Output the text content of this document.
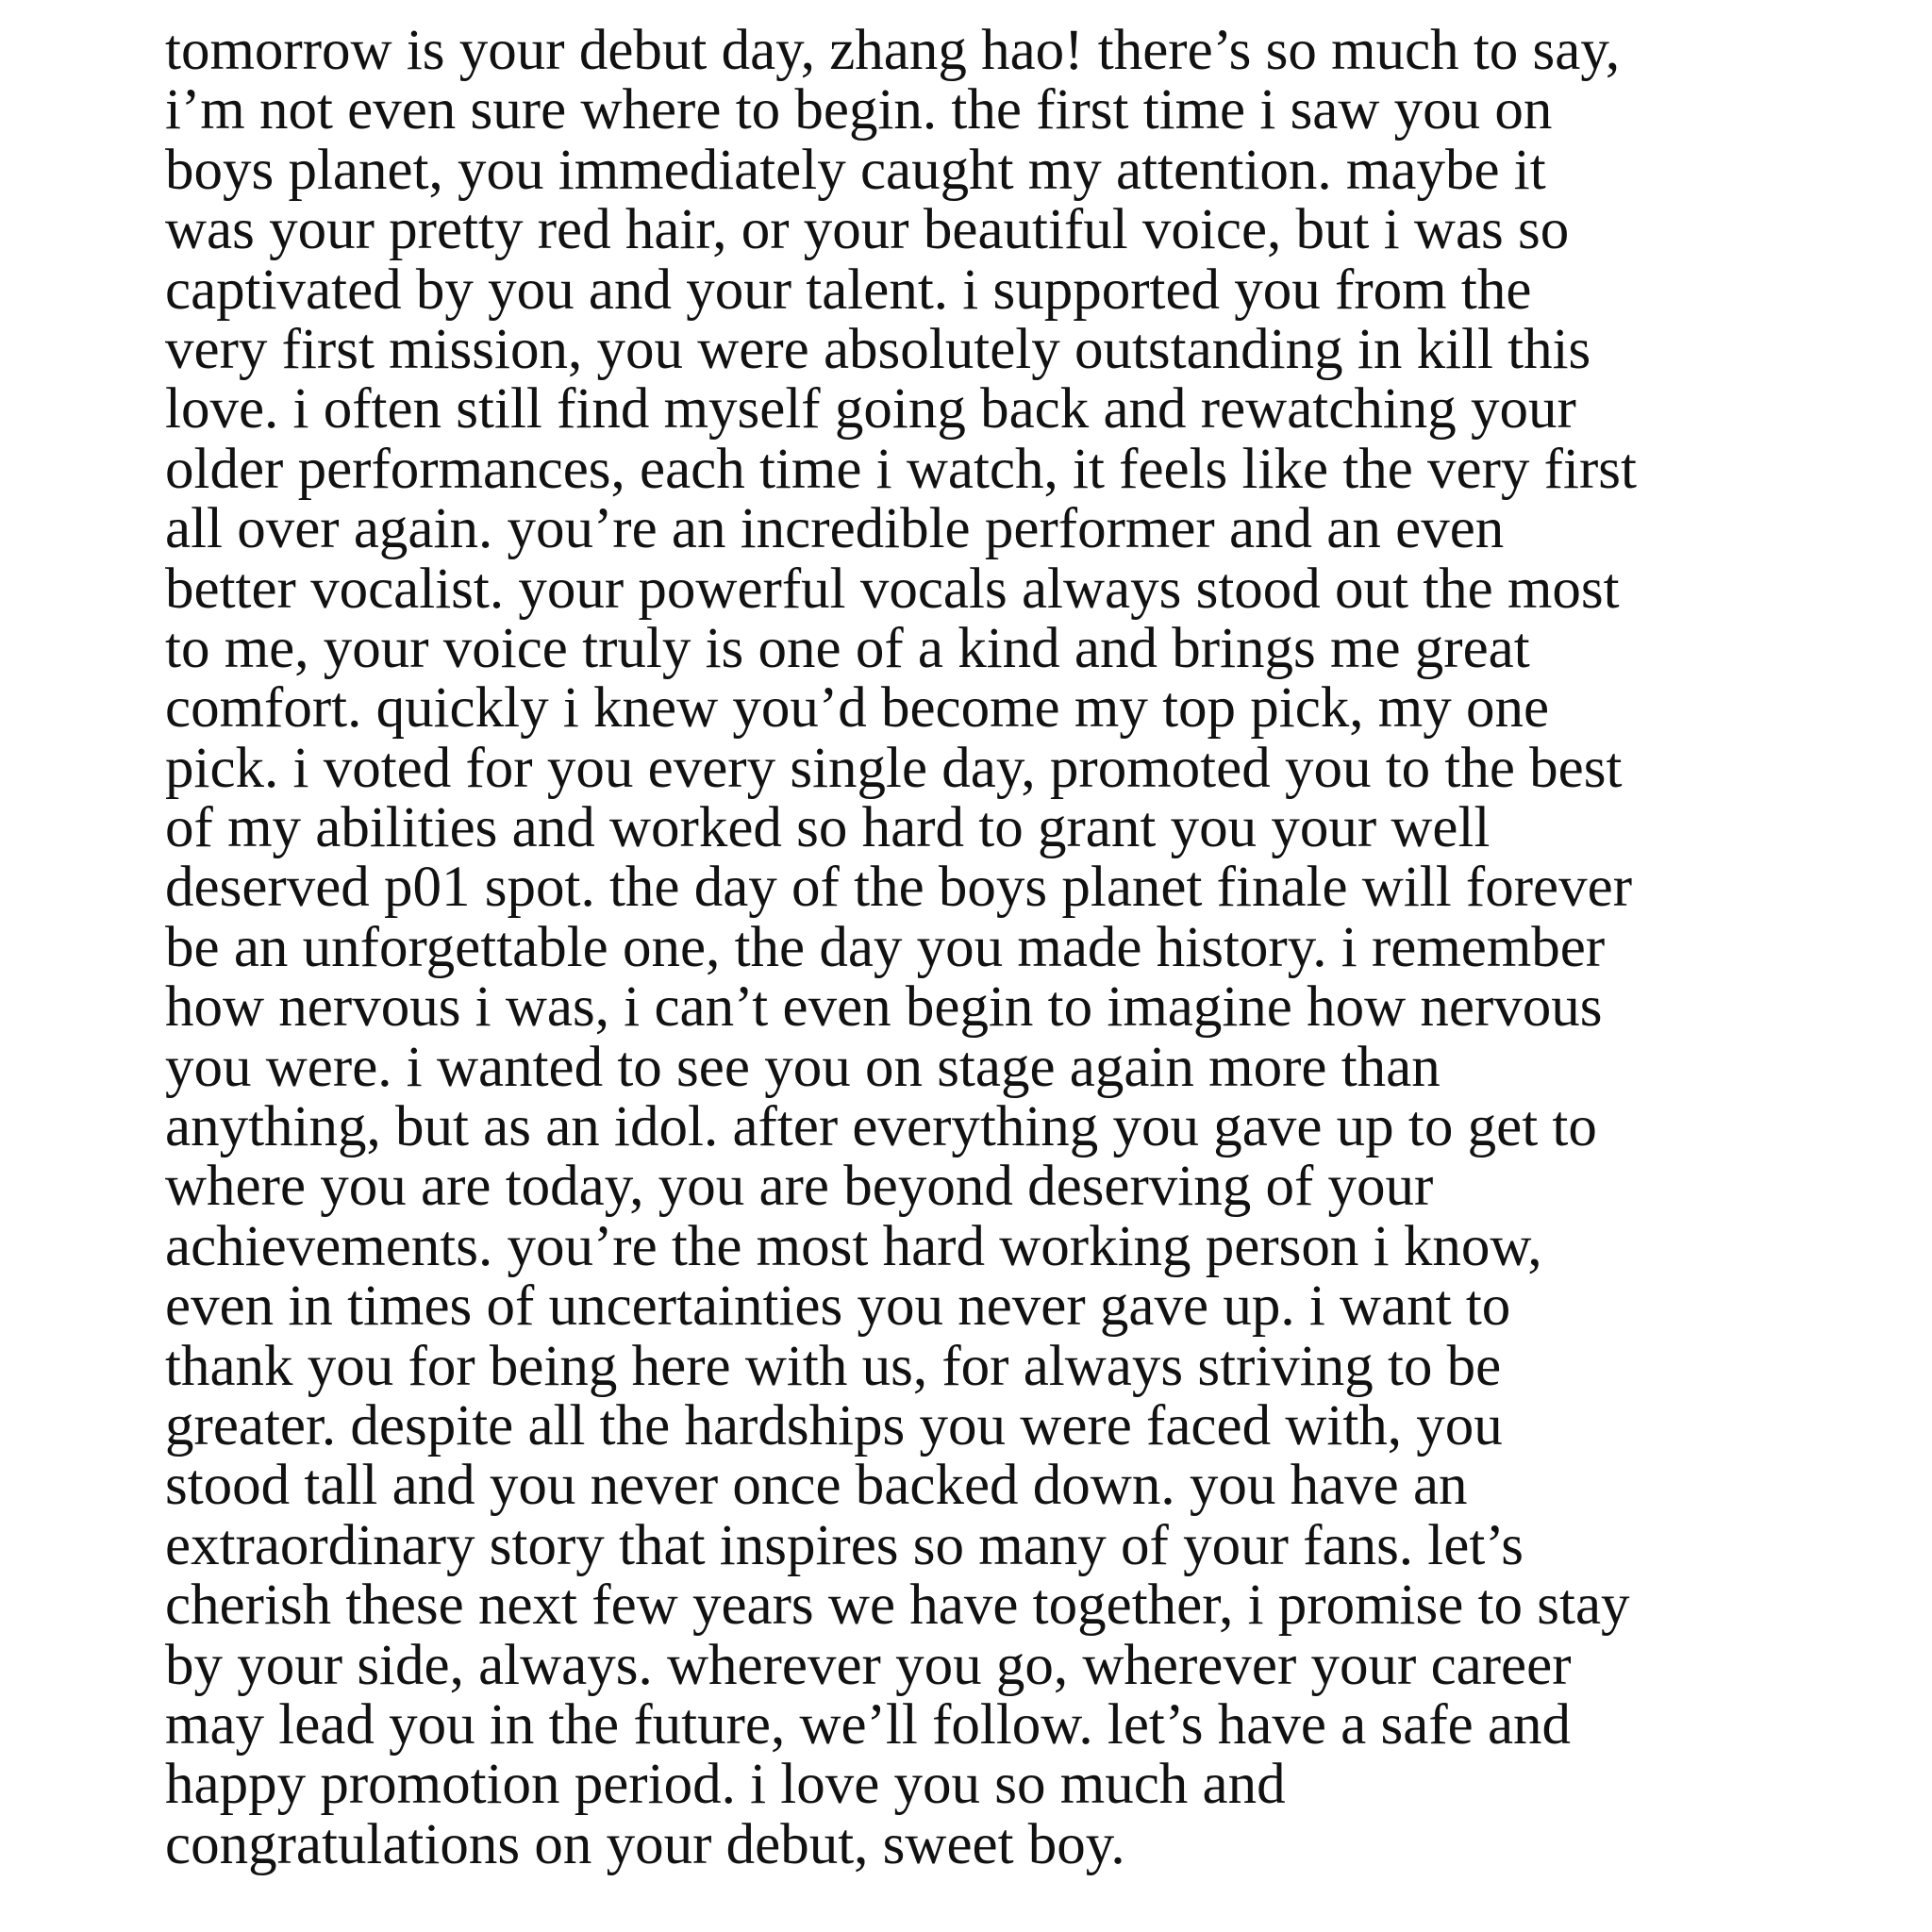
tomorrow is your debut day, zhang hao! there’s so much to say,
i’m not even sure where to begin. the first time i saw you on
boys planet, you immediately caught my attention. maybe it
was your pretty red hair, or your beautiful voice, but i was so
captivated by you and your talent. i supported you from the
very first mission, you were absolutely outstanding in kill this
love. i often still find myself going back and rewatching your
older performances, each time i watch, it feels like the very first
all over again. you’re an incredible performer and an even
better vocalist. your powerful vocals always stood out the most
to me, your voice truly is one of a kind and brings me great
comfort. quickly i knew you’d become my top pick, my one
pick. i voted for you every single day, promoted you to the best
of my abilities and worked so hard to grant you your well
deserved p01 spot. the day of the boys planet finale will forever
be an unforgettable one, the day you made history. i remember
how nervous i was, i can’t even begin to imagine how nervous
you were. i wanted to see you on stage again more than
anything, but as an idol. after everything you gave up to get to
where you are today, you are beyond deserving of your
achievements. you’re the most hard working person i know,
even in times of uncertainties you never gave up. i want to
thank you for being here with us, for always striving to be
greater. despite all the hardships you were faced with, you
stood tall and you never once backed down. you have an
extraordinary story that inspires so many of your fans. let’s
cherish these next few years we have together, i promise to stay
by your side, always. wherever you go, wherever your career
may lead you in the future, we’ll follow. let’s have a safe and
happy promotion period. i love you so much and
congratulations on your debut, sweet boy.
